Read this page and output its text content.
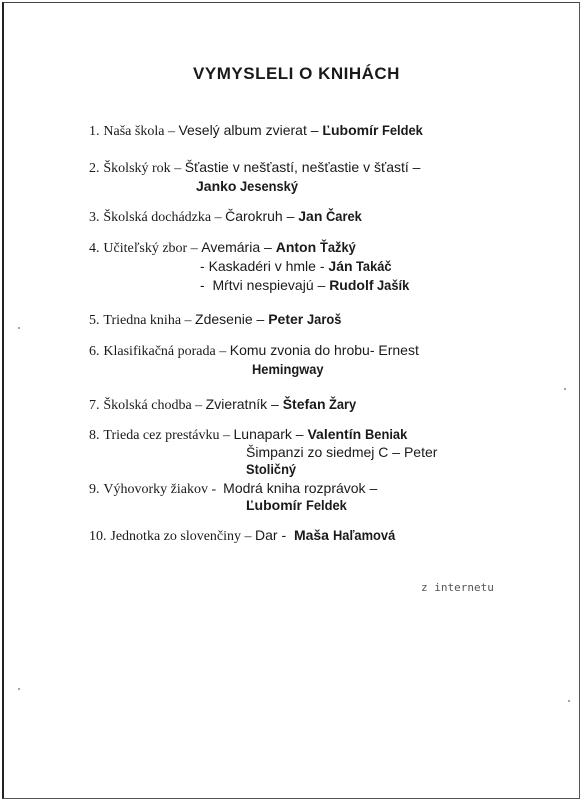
VYMYSLELI O KNIHÁCH
1. Naša škola – Veselý album zvierat – Ľubomír Feldek
2. Školský rok – Šťastie v nešťastí, nešťastie v šťastí –
Janko Jesenský
3. Školská dochádzka – Čarokruh – Jan Čarek
4. Učiteľský zbor – Avemária – Anton Ťažký
- Kaskadéri v hmle - Ján Takáč
-  Mŕtvi nespievajú – Rudolf Jašík
5. Triedna kniha – Zdesenie – Peter Jaroš
6. Klasifikačná porada – Komu zvonia do hrobu- Ernest
Hemingway
7. Školská chodba – Zvieratník – Štefan Žary
8. Trieda cez prestávku – Lunapark – Valentín Beniak
Šimpanzi zo siedmej C – Peter
Stoličný
9. Výhovorky žiakov -  Modrá kniha rozprávok –
Ľubomír Feldek
10. Jednotka zo slovenčiny – Dar -  Maša Haľamová
z internetu
